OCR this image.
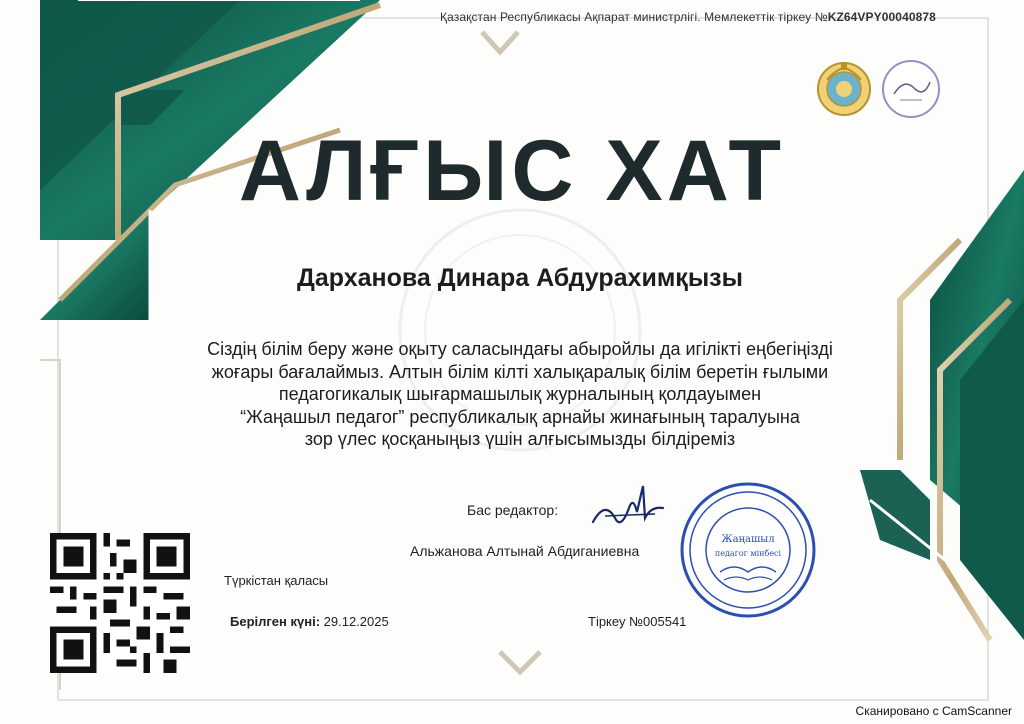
Қазақстан Республикасы Ақпарат министрлігі. Мемлекеттік тіркеу №KZ64VPY00040878
АЛҒЫС ХАТ
Дарханова Динара Абдурахимқызы
Сіздің білім беру және оқыту саласындағы абыройлы да игілікті еңбегіңізді
жоғары бағалаймыз. Алтын білім кілті халықаралық білім беретін ғылыми
педагогикалық шығармашылық журналының қолдауымен
“Жаңашыл педагог” республикалық арнайы жинағының таралуына
зор үлес қосқаныңыз үшін алғысымызды білдіреміз
Бас редактор:
Альжанова Алтынай Абдиганиевна
Жаңашыл
педагог мінбесі
Түркістан қаласы
Берілген күні: 29.12.2025	Тіркеу №005541
Сканировано с CamScanner
